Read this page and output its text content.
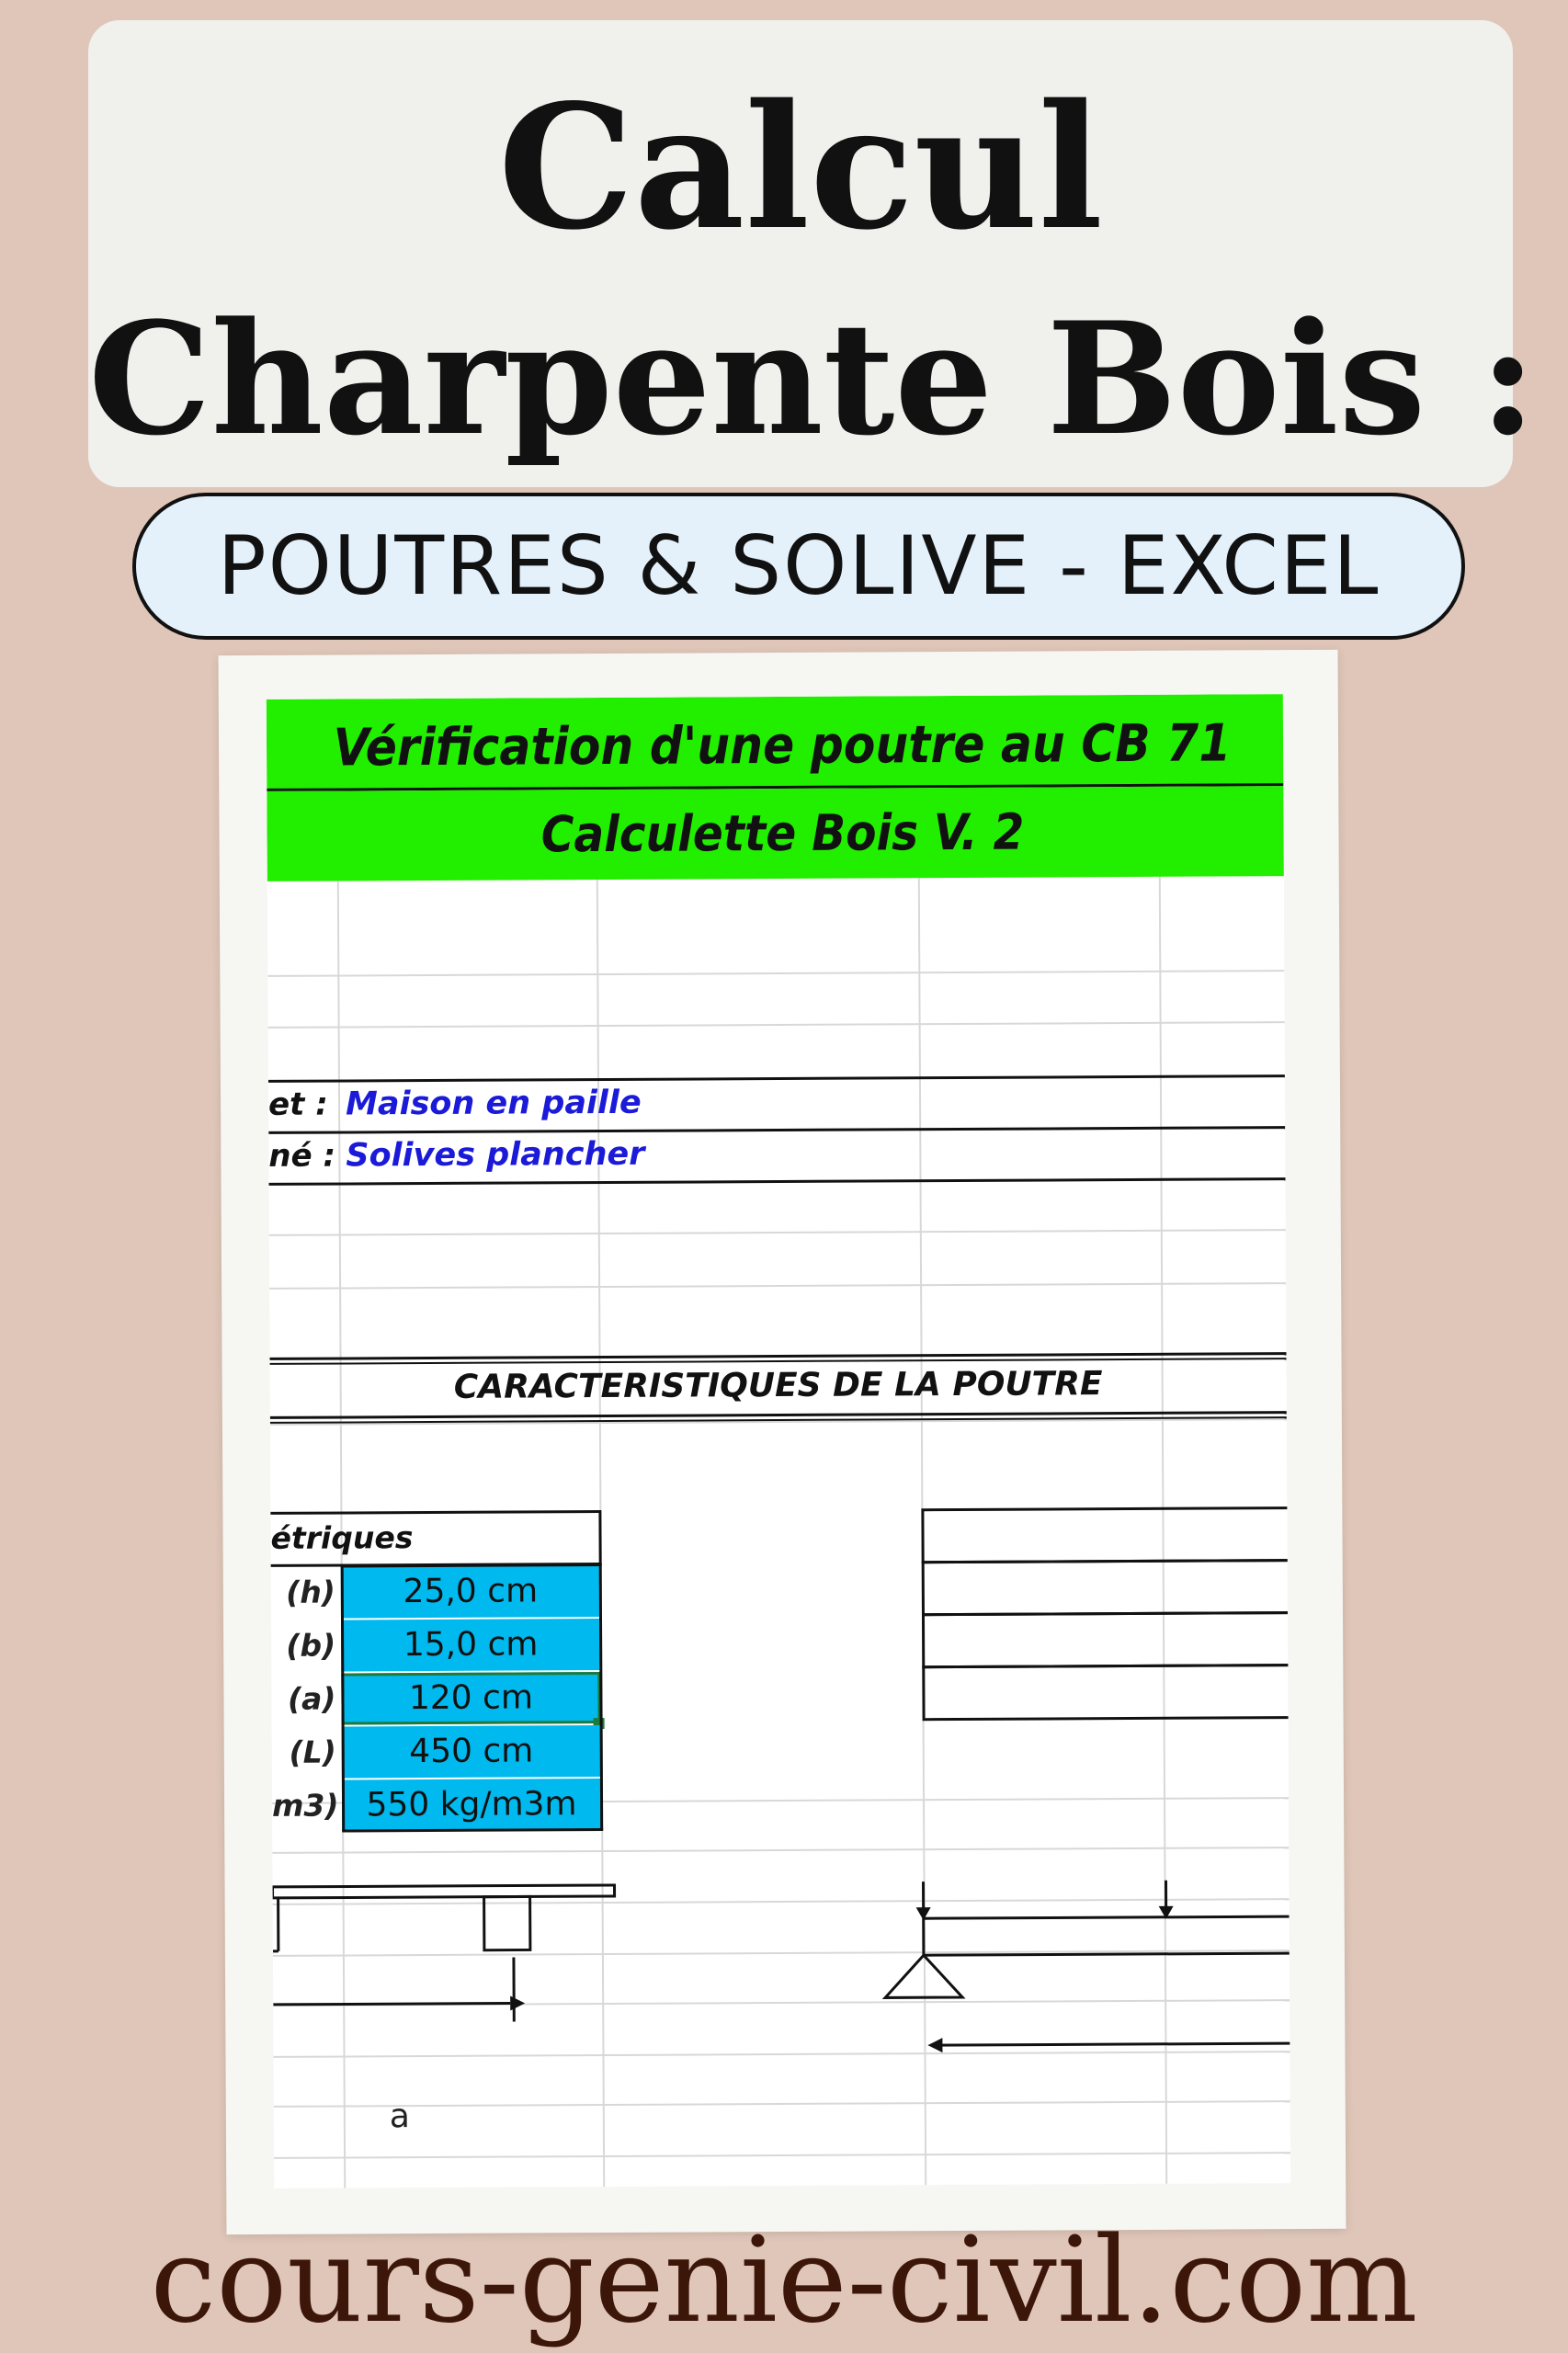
Calcul
Charpente Bois :
POUTRES & SOLIVE - EXCEL
Vérification d'une poutre au CB 71
Calculette Bois V. 2
et : Maison en paille
né : Solives plancher
CARACTERISTIQUES DE LA POUTRE
étriques
25,0 cm
(h)
15,0 cm
(b)
120 cm
(a)
450 cm
(L)
550 kg/m3m
m3)
a
cours-genie-civil.com
